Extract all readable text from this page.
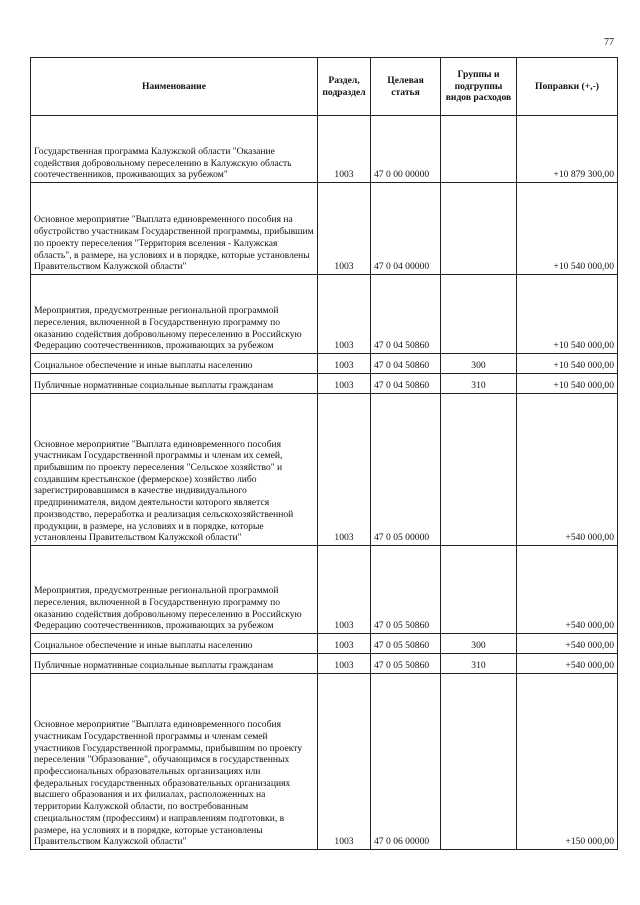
77
Наименование	Раздел, подраздел	Целевая статья	Группы и подгруппы видов расходов	Поправки (+,-)
Государственная программа Калужской области "Оказание содействия добровольному переселению в Калужскую область соотечественников, проживающих за рубежом"	1003	47 0 00 00000		+10 879 300,00
Основное мероприятие "Выплата единовременного пособия на обустройство участникам Государственной программы, прибывшим по проекту переселения "Территория вселения - Калужская область", в размере, на условиях и в порядке, которые установлены Правительством Калужской области"	1003	47 0 04 00000		+10 540 000,00
Мероприятия, предусмотренные региональной программой переселения, включенной в Государственную программу по оказанию содействия добровольному переселению в Российскую Федерацию соотечественников, проживающих за рубежом	1003	47 0 04 50860		+10 540 000,00
Социальное обеспечение и иные выплаты населению	1003	47 0 04 50860	300	+10 540 000,00
Публичные нормативные социальные выплаты гражданам	1003	47 0 04 50860	310	+10 540 000,00
Основное мероприятие "Выплата единовременного пособия участникам Государственной программы и членам их семей, прибывшим по проекту переселения "Сельское хозяйство" и создавшим крестьянское (фермерское) хозяйство либо зарегистрировавшимся в качестве индивидуального предпринимателя, видом деятельности которого является производство, переработка и реализация сельскохозяйственной продукции, в размере, на условиях и в порядке, которые установлены Правительством Калужской области"	1003	47 0 05 00000		+540 000,00
Мероприятия, предусмотренные региональной программой переселения, включенной в Государственную программу по оказанию содействия добровольному переселению в Российскую Федерацию соотечественников, проживающих за рубежом	1003	47 0 05 50860		+540 000,00
Социальное обеспечение и иные выплаты населению	1003	47 0 05 50860	300	+540 000,00
Публичные нормативные социальные выплаты гражданам	1003	47 0 05 50860	310	+540 000,00
Основное мероприятие "Выплата единовременного пособия участникам Государственной программы и членам семей участников Государственной программы, прибывшим по проекту переселения "Образование", обучающимся в государственных профессиональных образовательных организациях или федеральных государственных образовательных организациях высшего образования и их филиалах, расположенных на территории Калужской области, по востребованным специальностям (профессиям) и направлениям подготовки, в размере, на условиях и в порядке, которые установлены Правительством Калужской области"	1003	47 0 06 00000		+150 000,00
